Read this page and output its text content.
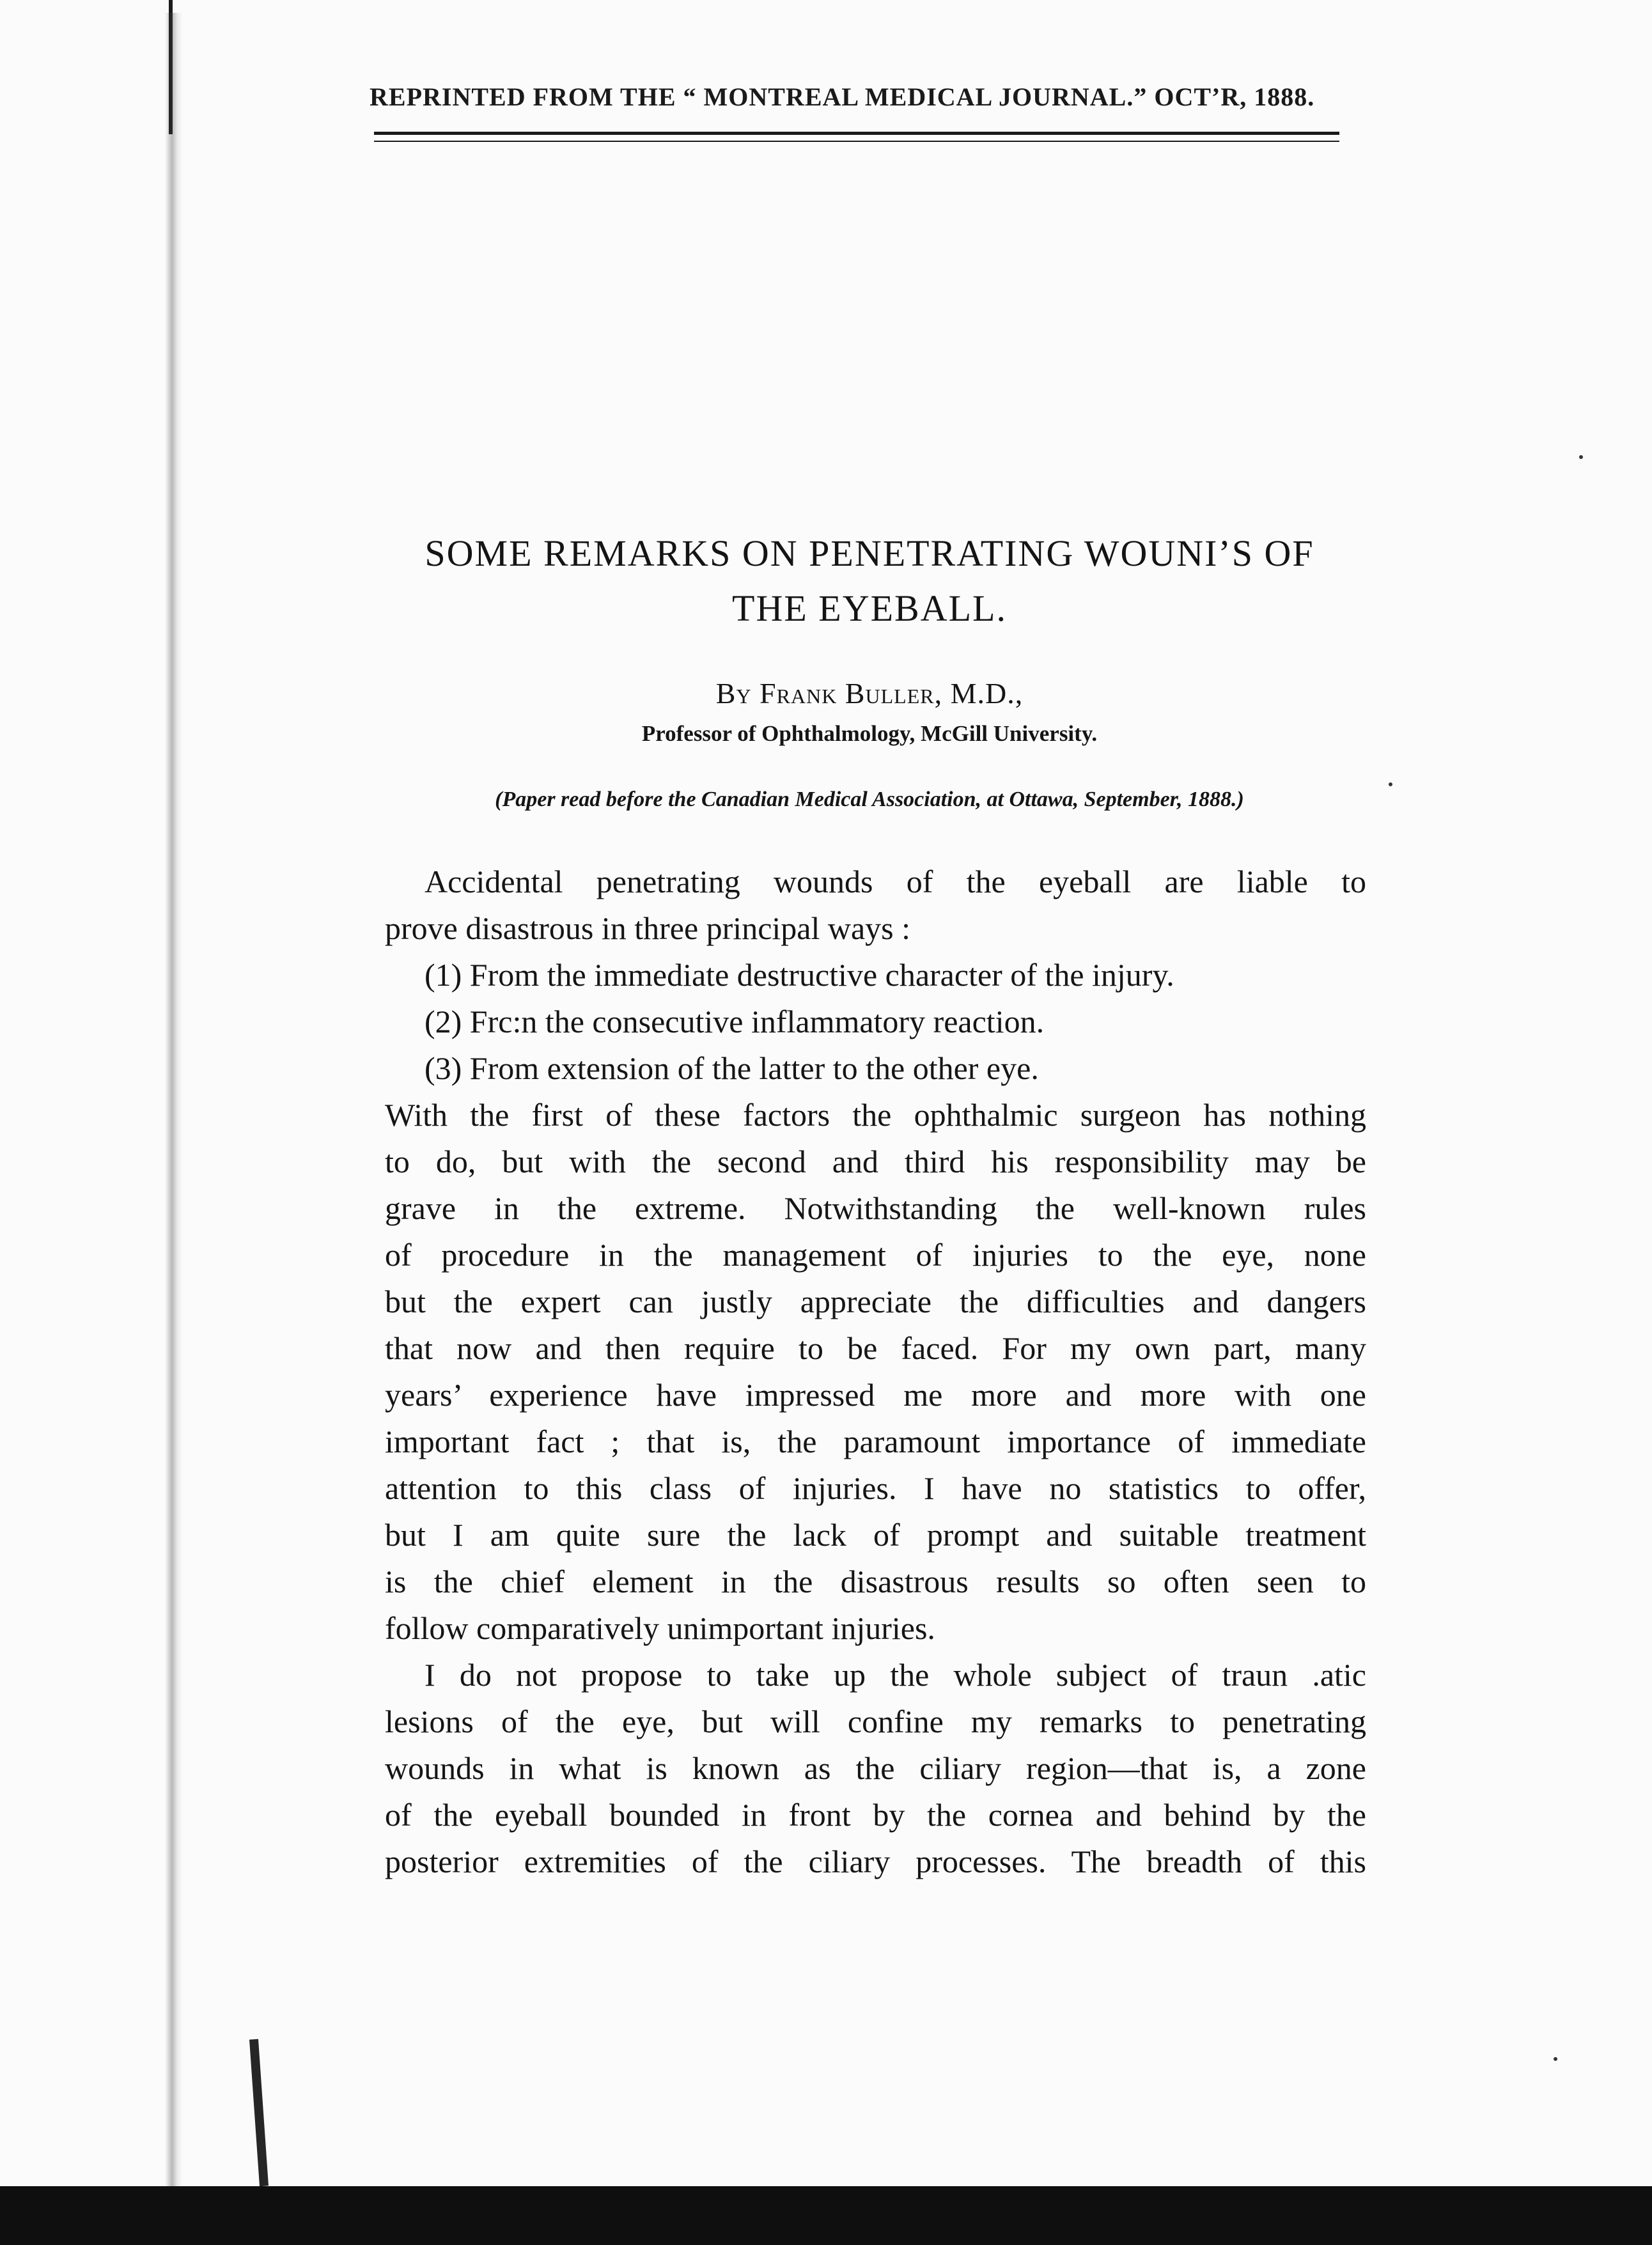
REPRINTED FROM THE “ MONTREAL MEDICAL JOURNAL.” OCT’R, 1888.
SOME REMARKS ON PENETRATING WOUNI’S OF
THE EYEBALL.
By Frank Buller, M.D.,
Professor of Ophthalmology, McGill University.
(Paper read before the Canadian Medical Association, at Ottawa, September, 1888.)
Accidental penetrating wounds of the eyeball are liable to
prove disastrous in three principal ways :
(1) From the immediate destructive character of the injury.
(2) Frc:n the consecutive inflammatory reaction.
(3) From extension of the latter to the other eye.
With the first of these factors the ophthalmic surgeon has nothing
to do, but with the second and third his responsibility may be
grave in the extreme. Notwithstanding the well-known rules
of procedure in the management of injuries to the eye, none
but the expert can justly appreciate the difficulties and dangers
that now and then require to be faced. For my own part, many
years’ experience have impressed me more and more with one
important fact ; that is, the paramount importance of immediate
attention to this class of injuries. I have no statistics to offer,
but I am quite sure the lack of prompt and suitable treatment
is the chief element in the disastrous results so often seen to
follow comparatively unimportant injuries.
I do not propose to take up the whole subject of traun .atic
lesions of the eye, but will confine my remarks to penetrating
wounds in what is known as the ciliary region—that is, a zone
of the eyeball bounded in front by the cornea and behind by the
posterior extremities of the ciliary processes. The breadth of this
